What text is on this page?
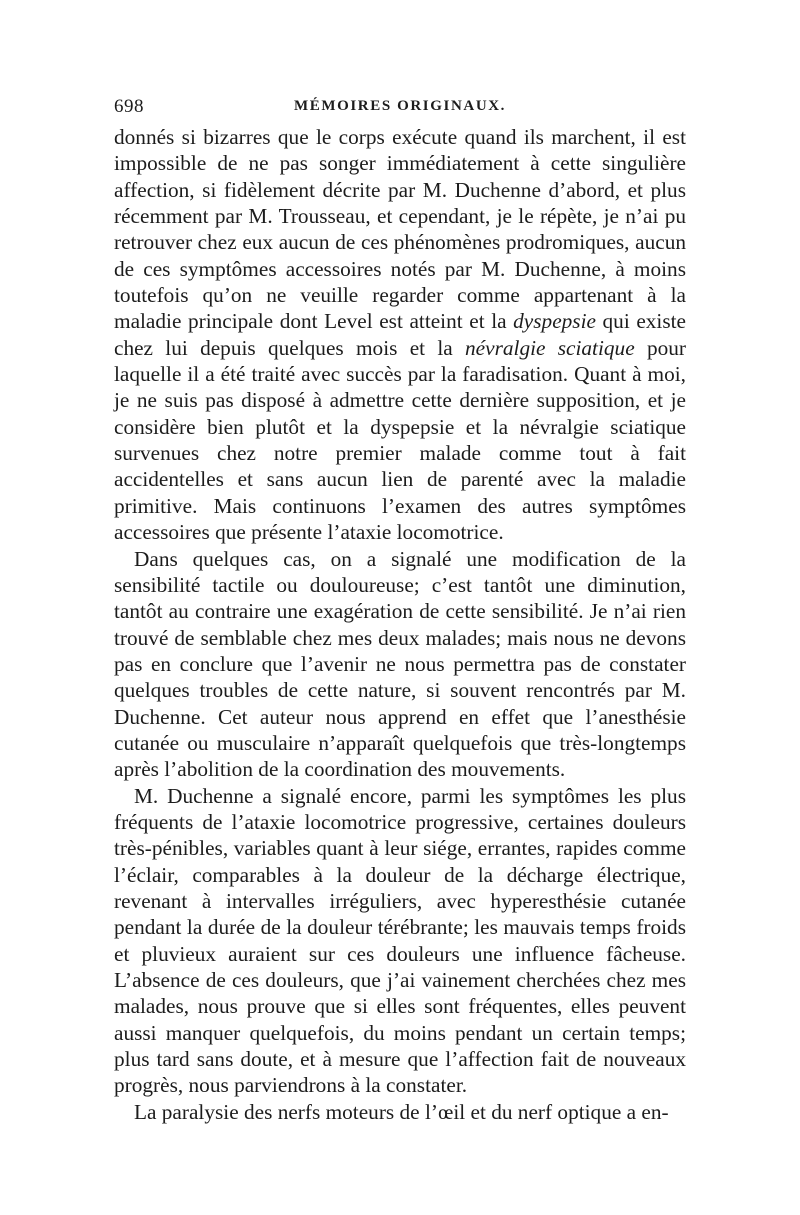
698	MÉMOIRES ORIGINAUX.

donnés si bizarres que le corps exécute quand ils marchent, il est impossible de ne pas songer immédiatement à cette singulière affection, si fidèlement décrite par M. Duchenne d’abord, et plus récemment par M. Trousseau, et cependant, je le répète, je n’ai pu retrouver chez eux aucun de ces phénomènes prodromiques, aucun de ces symptômes accessoires notés par M. Duchenne, à moins toutefois qu’on ne veuille regarder comme appartenant à la maladie principale dont Level est atteint et la dyspepsie qui existe chez lui depuis quelques mois et la névralgie sciatique pour laquelle il a été traité avec succès par la faradisation. Quant à moi, je ne suis pas disposé à admettre cette dernière supposition, et je considère bien plutôt et la dyspepsie et la névralgie sciatique survenues chez notre premier malade comme tout à fait accidentelles et sans aucun lien de parenté avec la maladie primitive. Mais continuons l’examen des autres symptômes accessoires que présente l’ataxie locomotrice.

Dans quelques cas, on a signalé une modification de la sensibilité tactile ou douloureuse; c’est tantôt une diminution, tantôt au contraire une exagération de cette sensibilité. Je n’ai rien trouvé de semblable chez mes deux malades; mais nous ne devons pas en conclure que l’avenir ne nous permettra pas de constater quelques troubles de cette nature, si souvent rencontrés par M. Duchenne. Cet auteur nous apprend en effet que l’anesthésie cutanée ou musculaire n’apparaît quelquefois que très-longtemps après l’abolition de la coordination des mouvements.

M. Duchenne a signalé encore, parmi les symptômes les plus fréquents de l’ataxie locomotrice progressive, certaines douleurs très-pénibles, variables quant à leur siége, errantes, rapides comme l’éclair, comparables à la douleur de la décharge électrique, revenant à intervalles irréguliers, avec hyperesthésie cutanée pendant la durée de la douleur térébrante; les mauvais temps froids et pluvieux auraient sur ces douleurs une influence fâcheuse. L’absence de ces douleurs, que j’ai vainement cherchées chez mes malades, nous prouve que si elles sont fréquentes, elles peuvent aussi manquer quelquefois, du moins pendant un certain temps; plus tard sans doute, et à mesure que l’affection fait de nouveaux progrès, nous parviendrons à la constater.

La paralysie des nerfs moteurs de l’œil et du nerf optique a en-
